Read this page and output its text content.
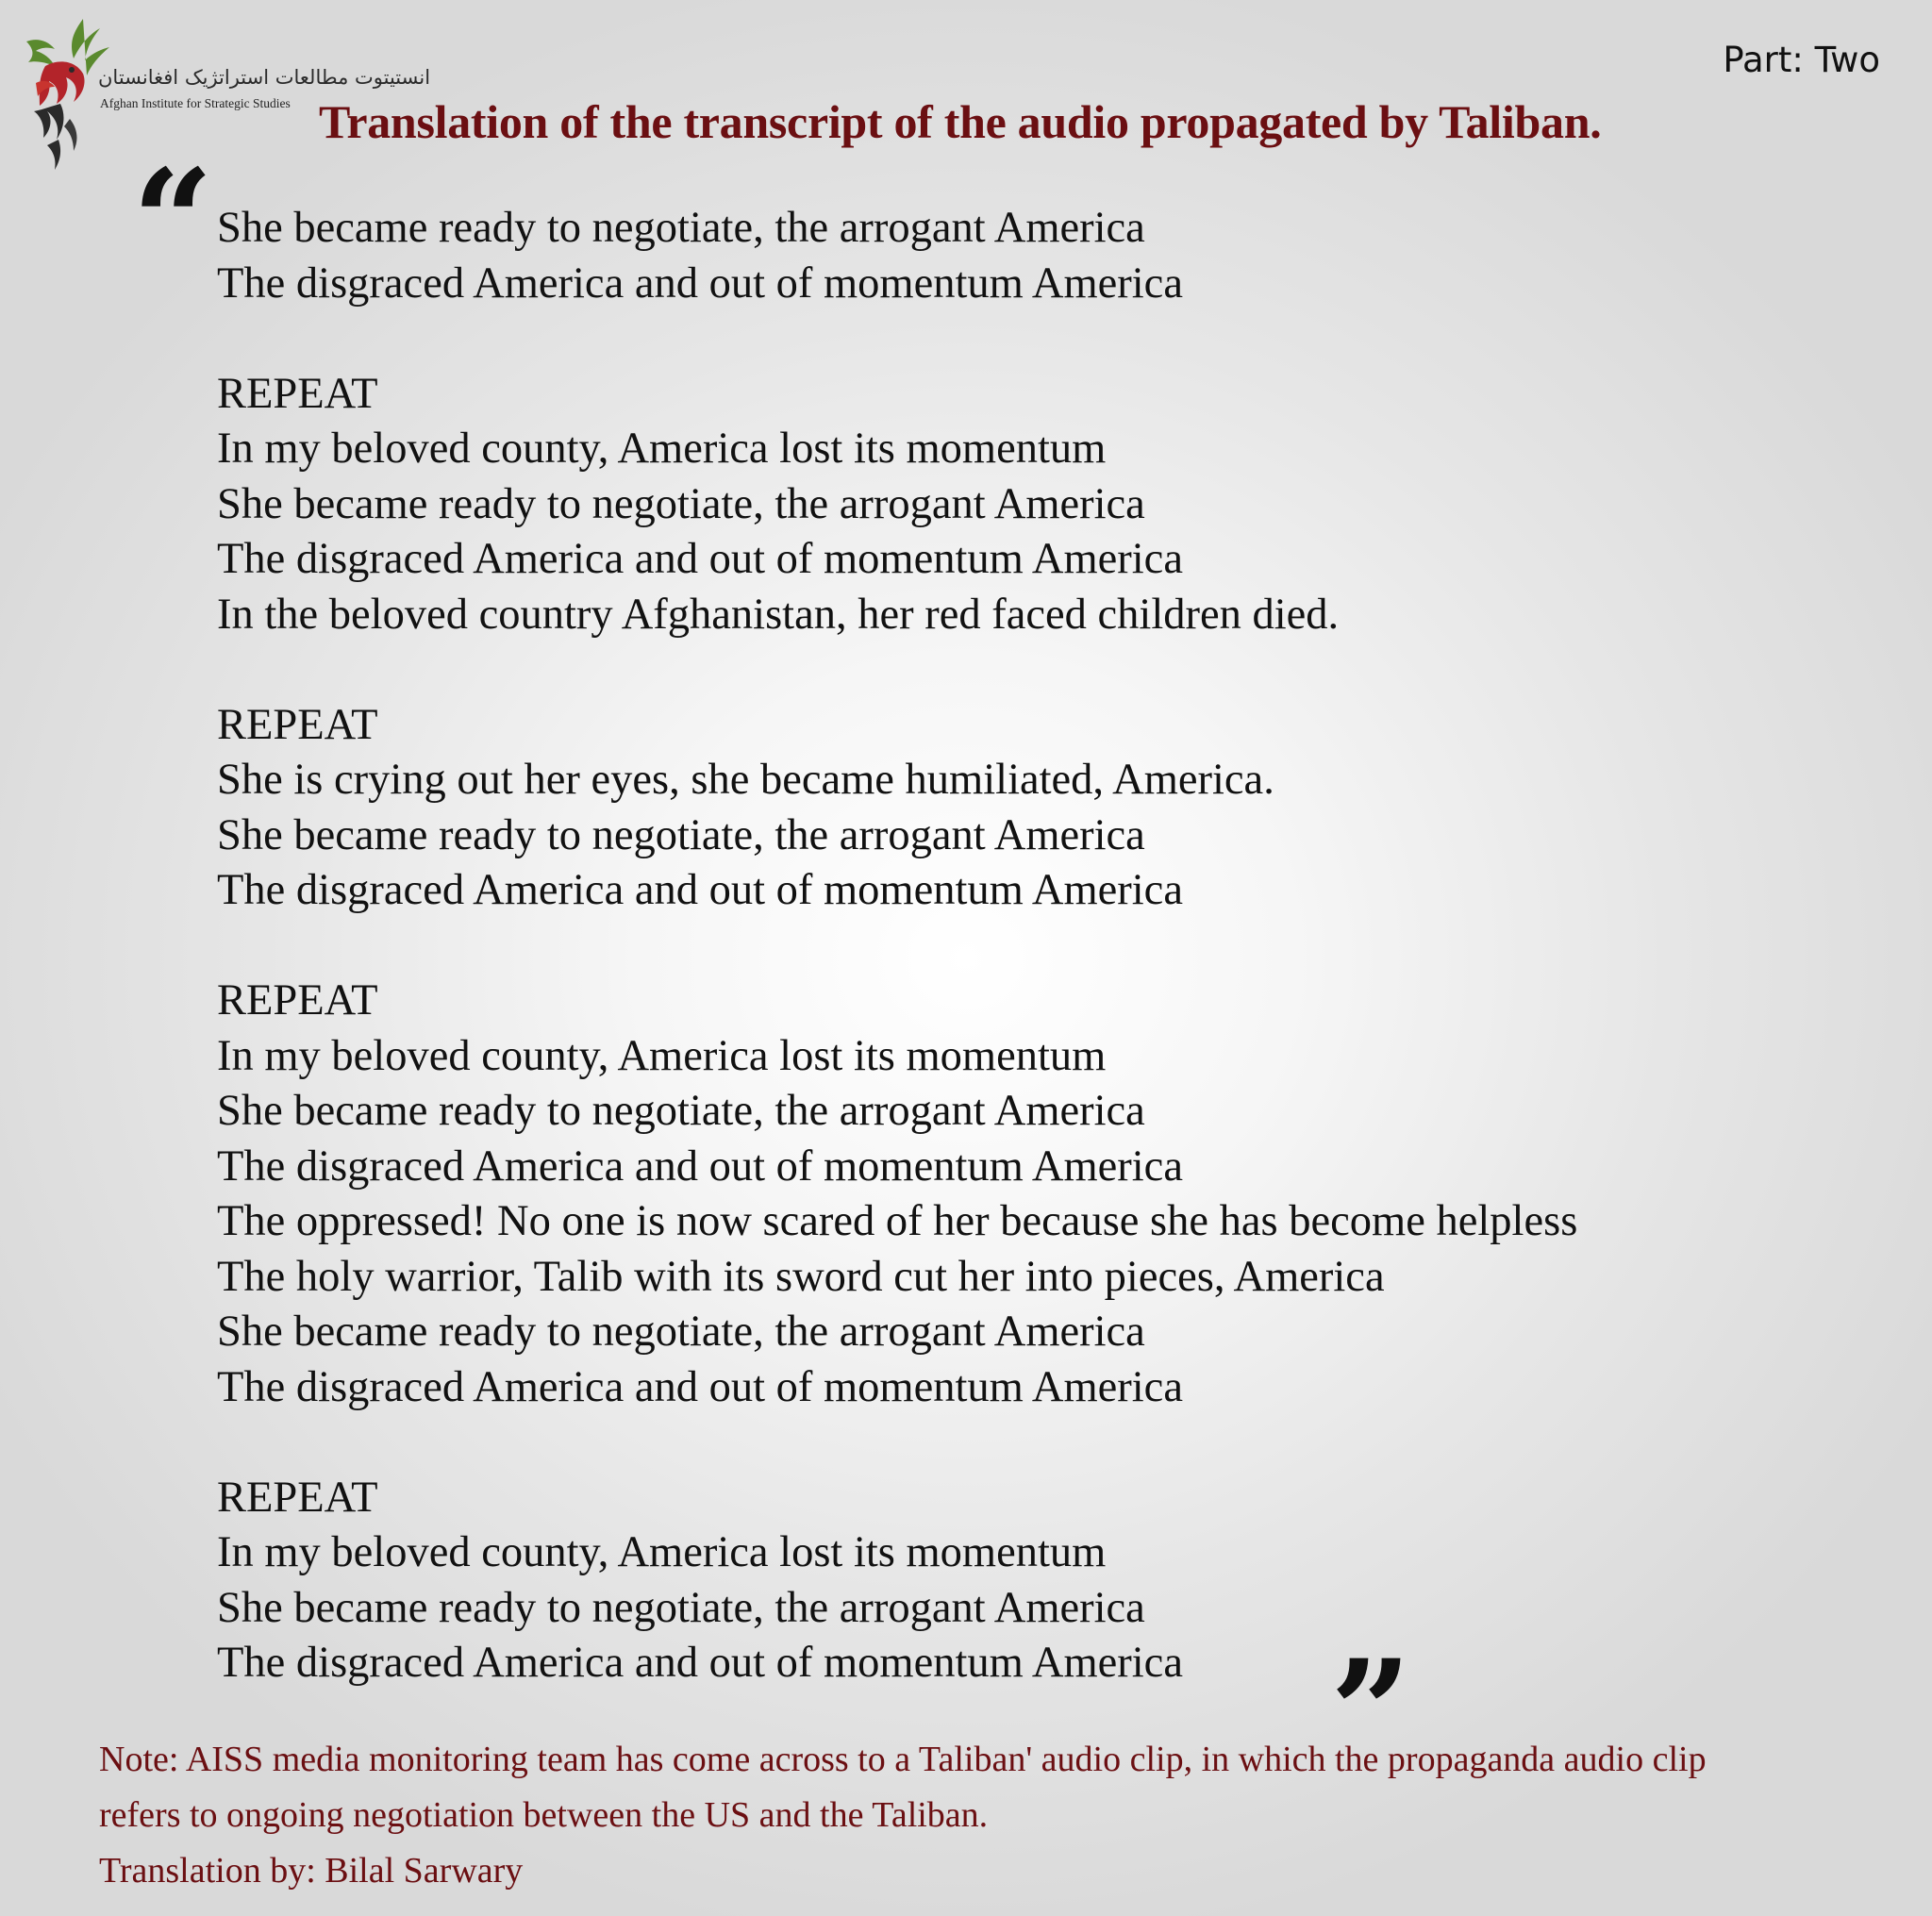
انستیتوت مطالعات استراتژیک افغانستان
Afghan Institute for Strategic Studies
Part: Two
Translation of the transcript of the audio propagated by Taliban.
“ She became ready to negotiate, the arrogant America
The disgraced America and out of momentum America
REPEAT
In my beloved county, America lost its momentum
She became ready to negotiate, the arrogant America
The disgraced America and out of momentum America
In the beloved country Afghanistan, her red faced children died.
REPEAT
She is crying out her eyes, she became humiliated, America.
She became ready to negotiate, the arrogant America
The disgraced America and out of momentum America
REPEAT
In my beloved county, America lost its momentum
She became ready to negotiate, the arrogant America
The disgraced America and out of momentum America
The oppressed! No one is now scared of her because she has become helpless
The holy warrior, Talib with its sword cut her into pieces, America
She became ready to negotiate, the arrogant America
The disgraced America and out of momentum America
REPEAT
In my beloved county, America lost its momentum
She became ready to negotiate, the arrogant America
The disgraced America and out of momentum America	”
Note: AISS media monitoring team has come across to a Taliban' audio clip, in which the propaganda audio clip
refers to ongoing negotiation between the US and the Taliban.
Translation by: Bilal Sarwary
